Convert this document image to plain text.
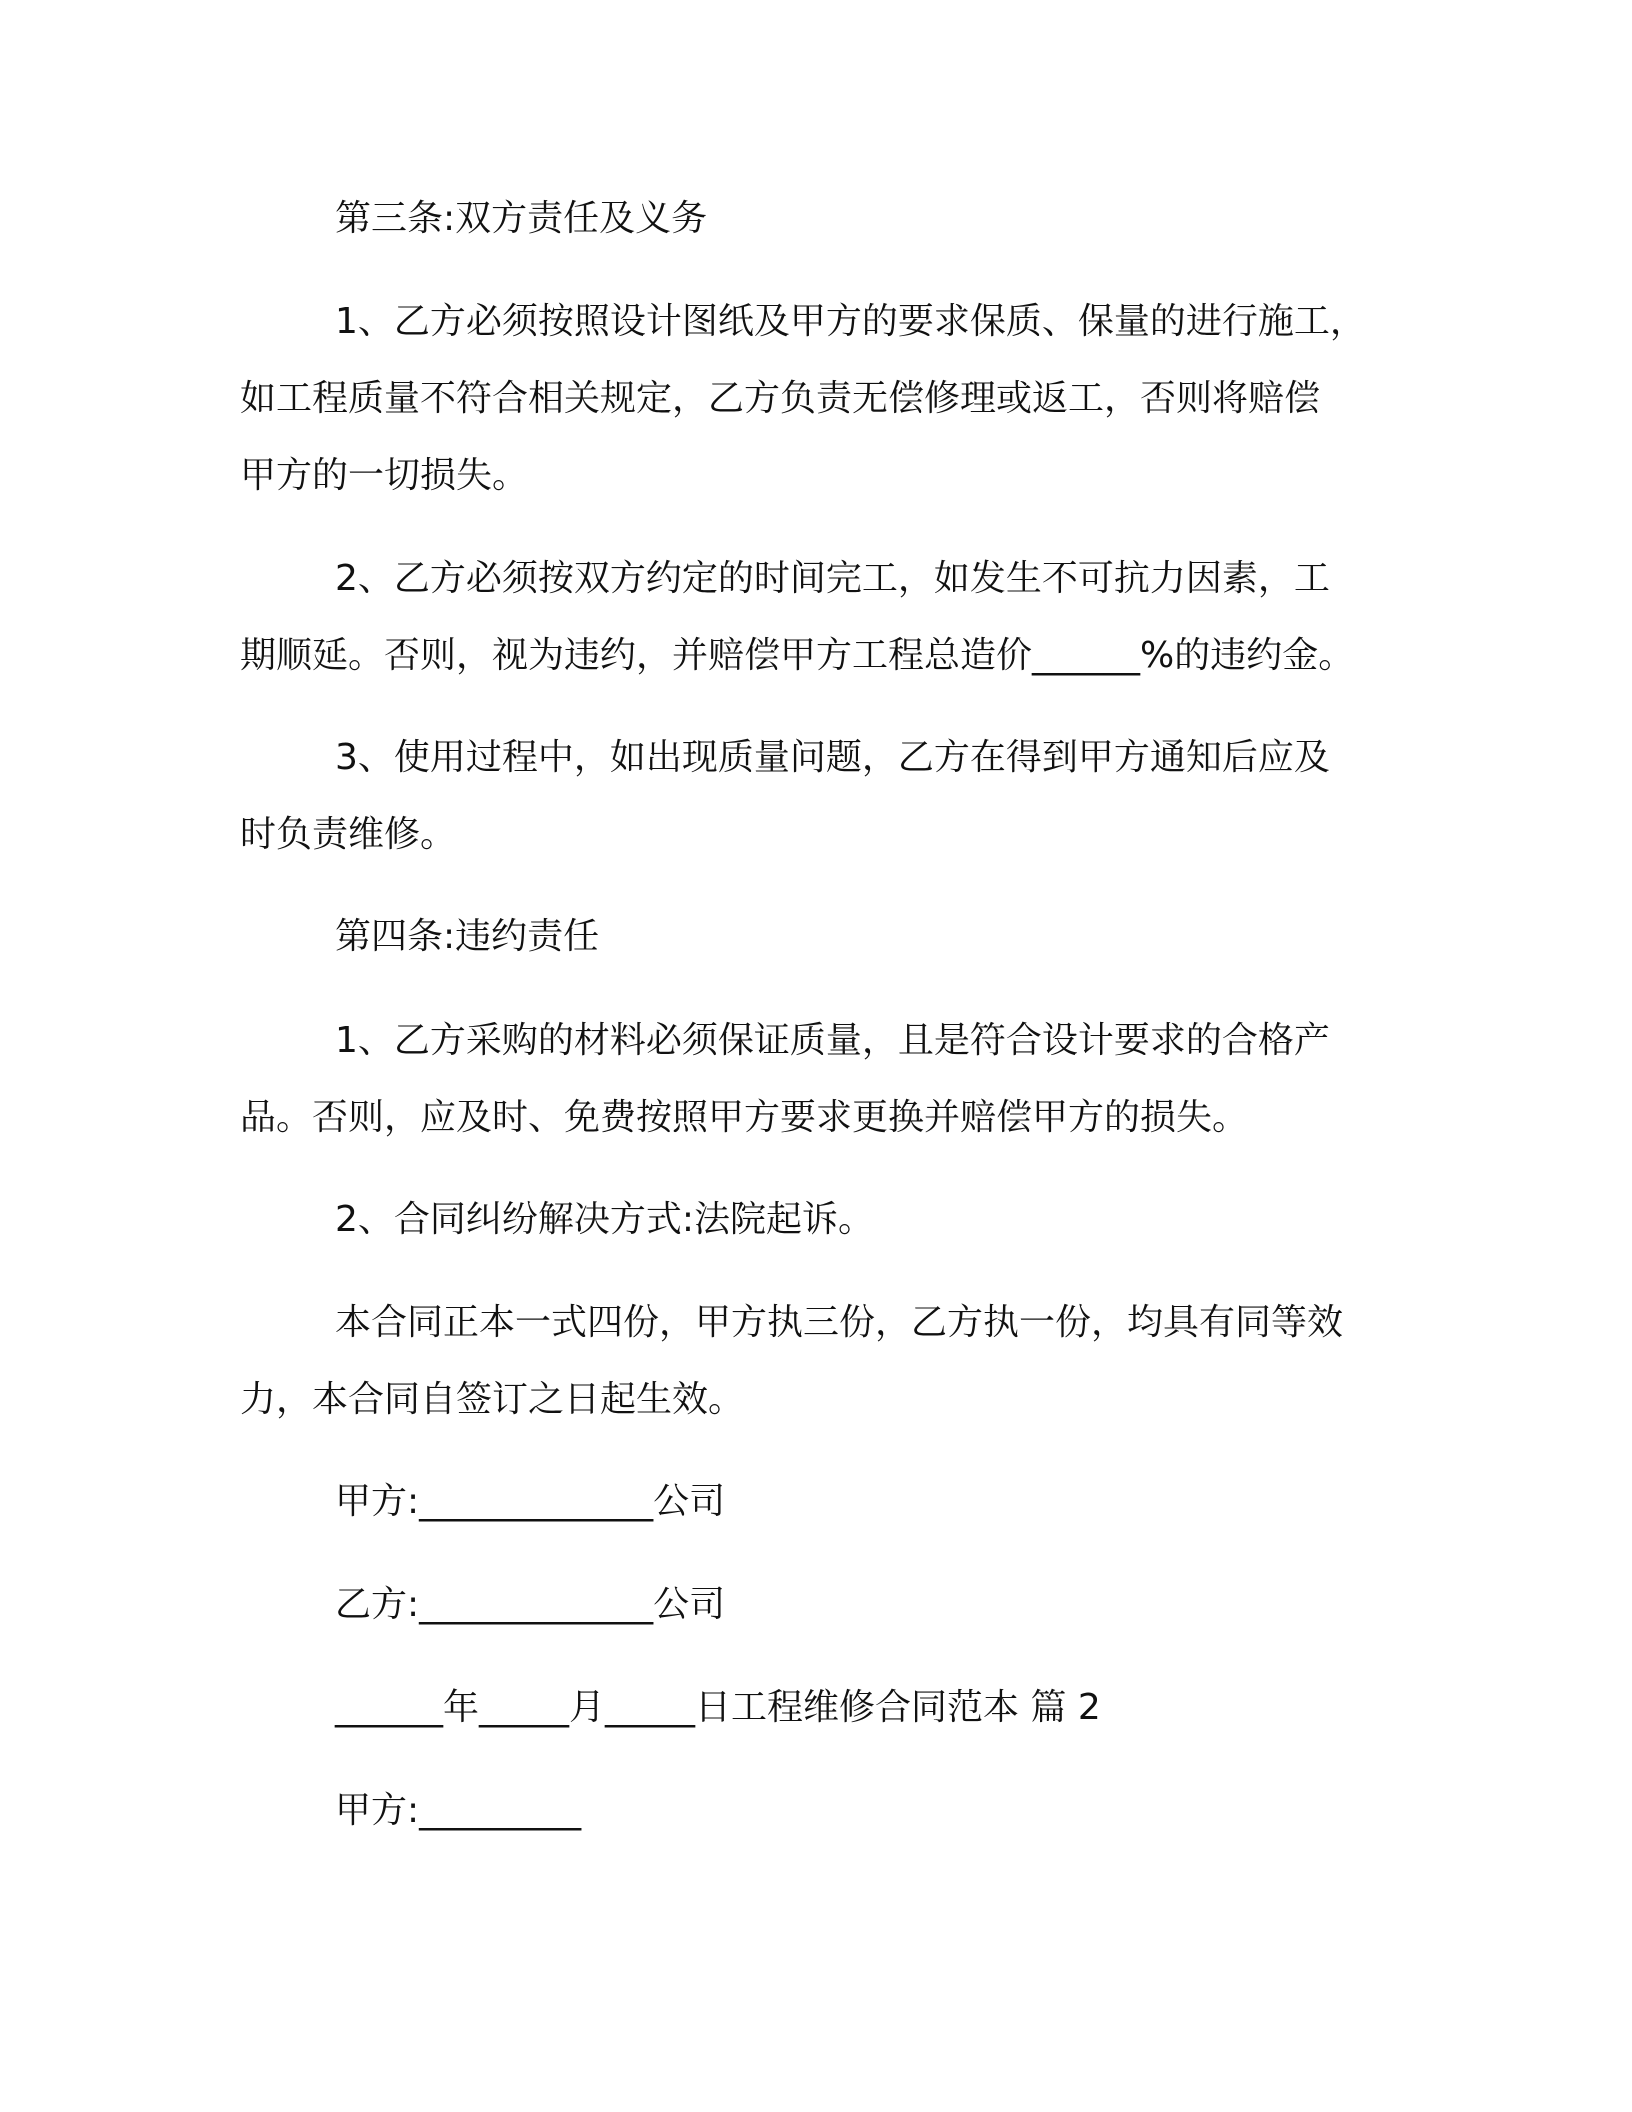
第三条:双方责任及义务

1、乙方必须按照设计图纸及甲方的要求保质、保量的进行施工，
如工程质量不符合相关规定，乙方负责无偿修理或返工，否则将赔偿
甲方的一切损失。
2、乙方必须按双方约定的时间完工，如发生不可抗力因素，工
期顺延。否则，视为违约，并赔偿甲方工程总造价______%的违约金。
3、使用过程中，如出现质量问题，乙方在得到甲方通知后应及
时负责维修。

第四条:违约责任

1、乙方采购的材料必须保证质量，且是符合设计要求的合格产
品。否则，应及时、免费按照甲方要求更换并赔偿甲方的损失。
2、合同纠纷解决方式:法院起诉。
本合同正本一式四份，甲方执三份，乙方执一份，均具有同等效
力，本合同自签订之日起生效。

甲方:_____________公司

乙方:_____________公司

______年_____月_____日工程维修合同范本 篇 2

甲方:_________
